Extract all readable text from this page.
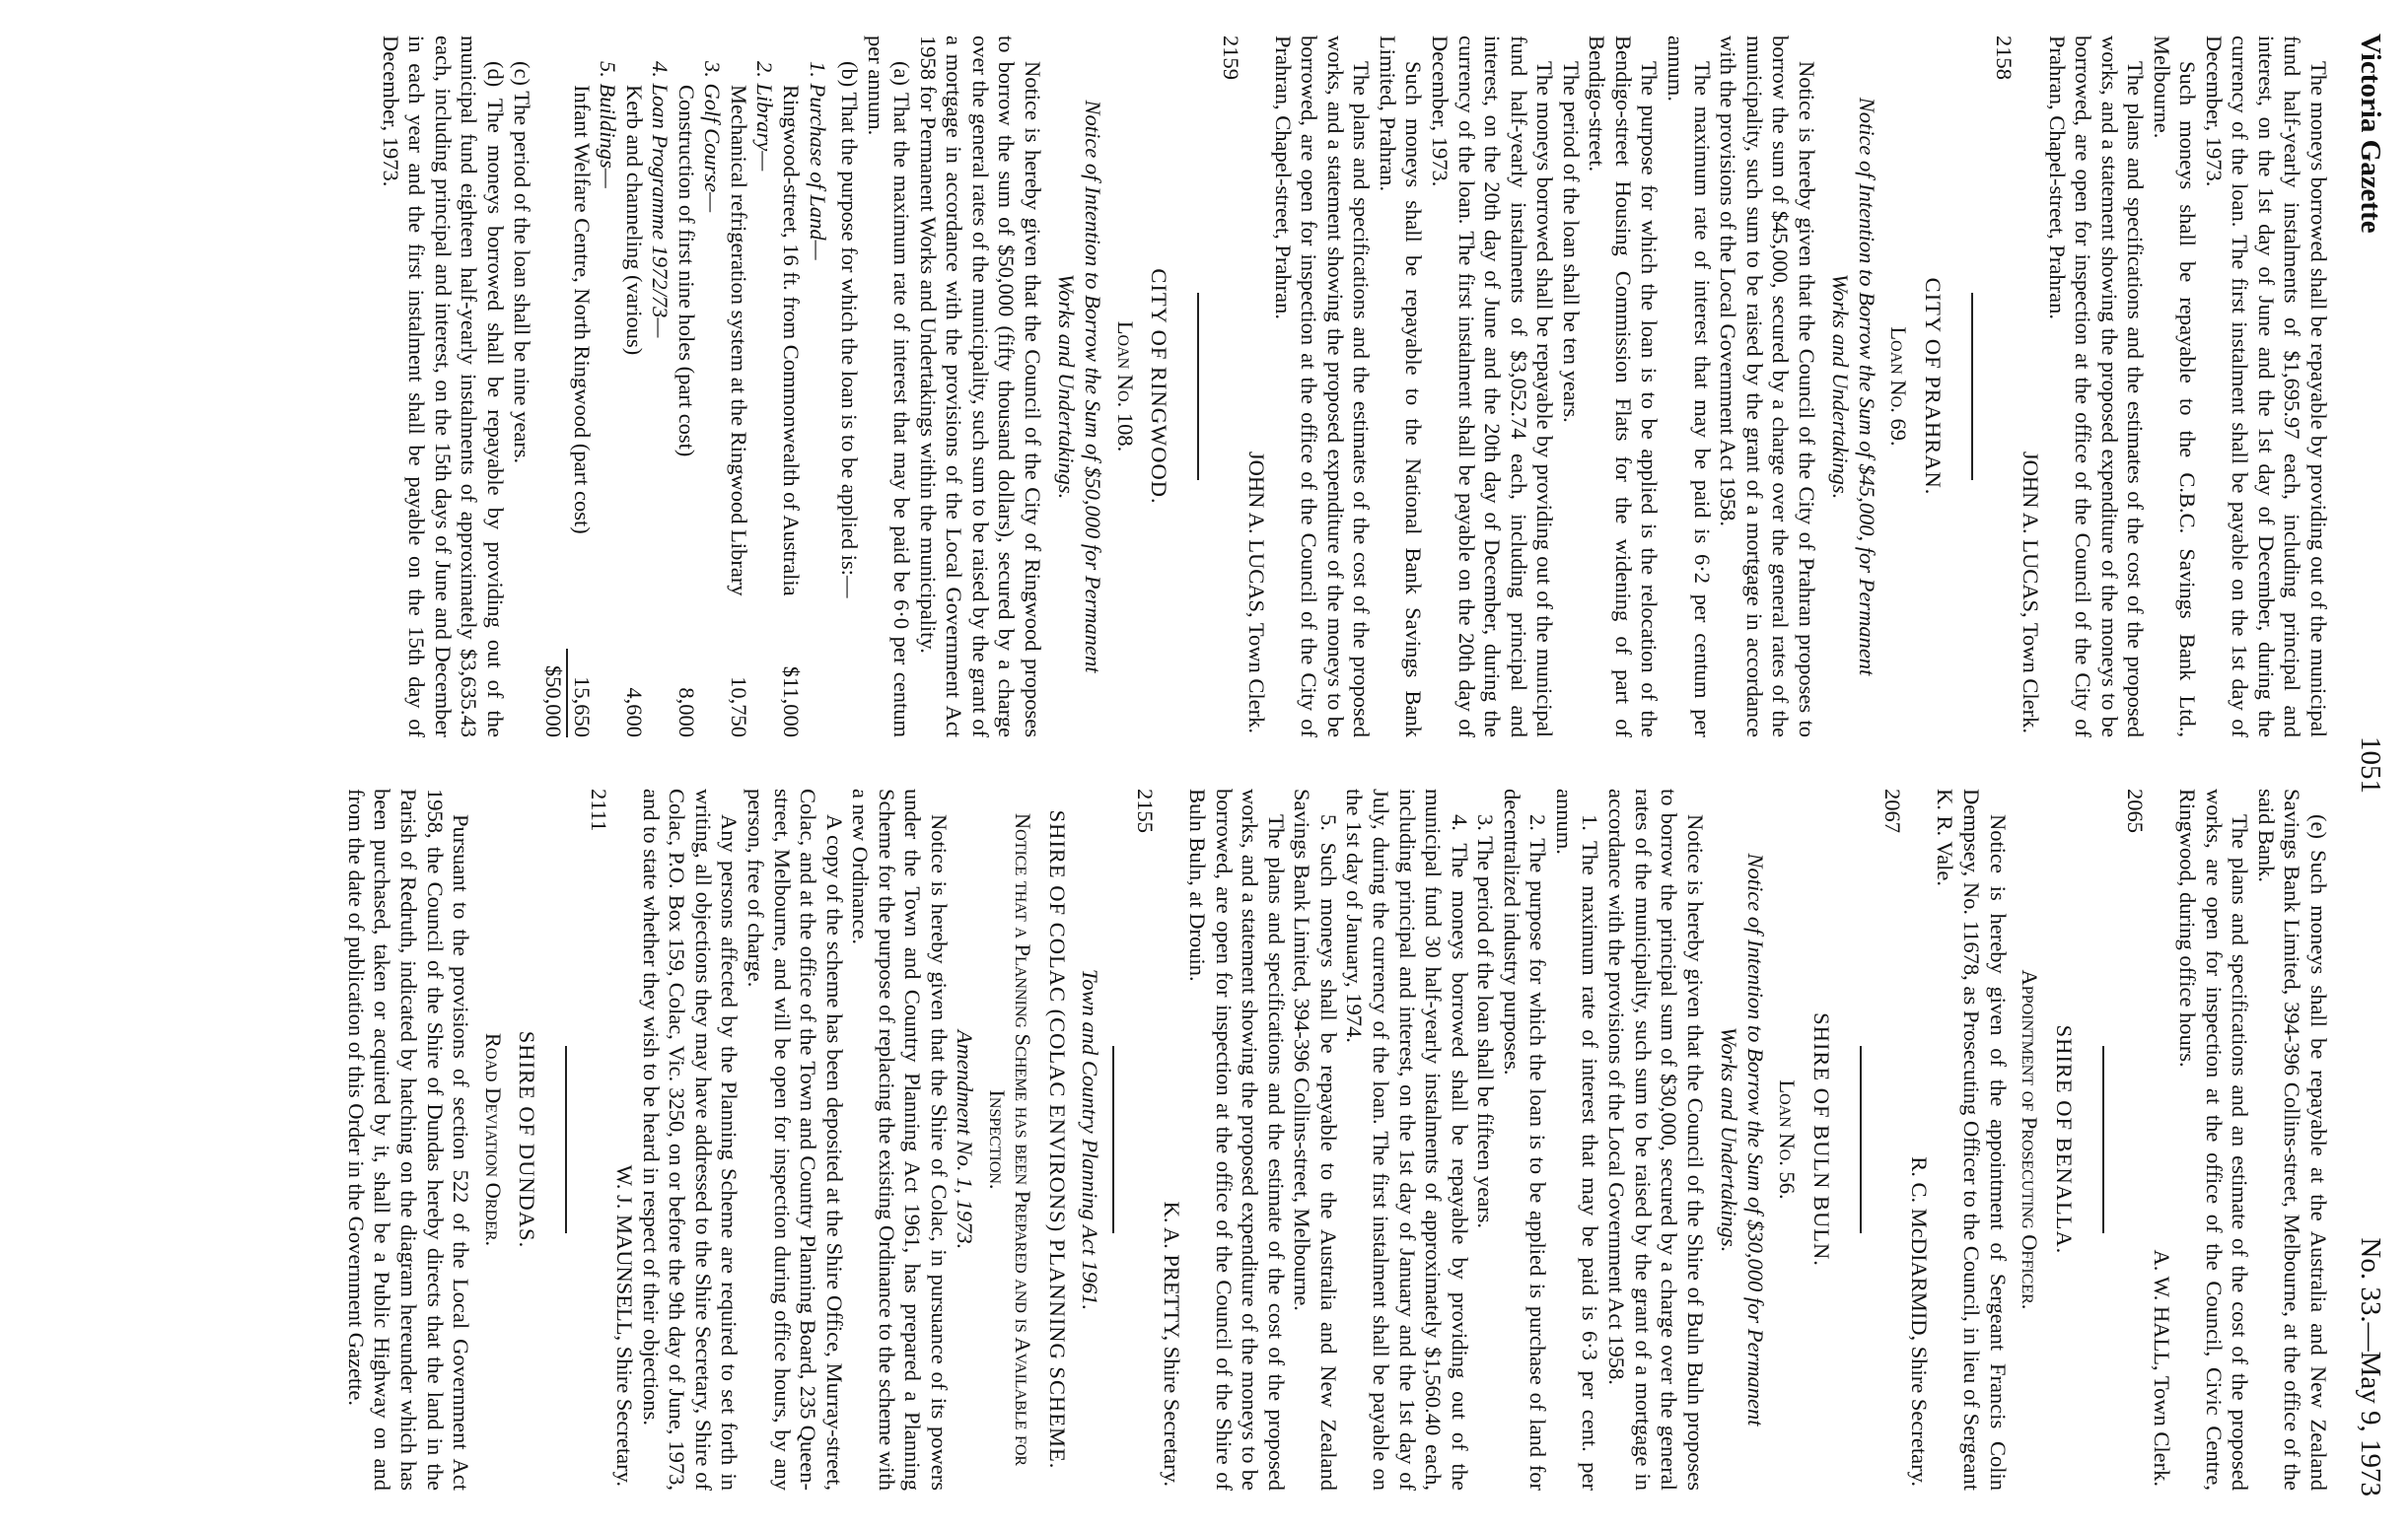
Victoria Gazette
1051
No. 33.—May 9, 1973

The moneys borrowed shall be repayable by providing out of the municipal fund half-yearly instalments of $1,695.97 each, including principal and interest, on the 1st day of June and the 1st day of December, during the currency of the loan. The first instalment shall be payable on the 1st day of December, 1973.

Such moneys shall be repayable to the C.B.C. Savings Bank Ltd., Melbourne.

The plans and specifications and the estimates of the cost of the proposed works, and a statement showing the proposed expenditure of the moneys to be borrowed, are open for inspection at the office of the Council of the City of Prahran, Chapel-street, Prahran.

JOHN A. LUCAS, Town Clerk.

2158

CITY OF PRAHRAN.

Loan No. 69.

Notice of Intention to Borrow the Sum of $45,000, for Permanent Works and Undertakings.

Notice is hereby given that the Council of the City of Prahran proposes to borrow the sum of $45,000, secured by a charge over the general rates of the municipality, such sum to be raised by the grant of a mortgage in accordance with the provisions of the Local Government Act 1958.

The maximum rate of interest that may be paid is 6·2 per centum per annum.

The purpose for which the loan is to be applied is the relocation of the Bendigo-street Housing Commission Flats for the widening of part of Bendigo-street.

The period of the loan shall be ten years.

The moneys borrowed shall be repayable by providing out of the municipal fund half-yearly instalments of $3,052.74 each, including principal and interest, on the 20th day of June and the 20th day of December, during the currency of the loan. The first instalment shall be payable on the 20th day of December, 1973.

Such moneys shall be repayable to the National Bank Savings Bank Limited, Prahran.

The plans and specifications and the estimates of the cost of the proposed works, and a statement showing the proposed expenditure of the moneys to be borrowed, are open for inspection at the office of the Council of the City of Prahran, Chapel-street, Prahran.

JOHN A. LUCAS, Town Clerk.

2159

CITY OF RINGWOOD.

Loan No. 108.

Notice of Intention to Borrow the Sum of $50,000 for Permanent Works and Undertakings.

Notice is hereby given that the Council of the City of Ringwood proposes to borrow the sum of $50,000 (fifty thousand dollars), secured by a charge over the general rates of the municipality, such sum to be raised by the grant of a mortgage in accordance with the provisions of the Local Government Act 1958 for Permanent Works and Undertakings within the municipality.

(a) That the maximum rate of interest that may be paid be 6·0 per centum per annum.

(b) That the purpose for which the loan is to be applied is:—

1. Purchase of Land—
Ringwood-street, 16 ft. from Commonwealth of Australia
$11,000
2. Library—
Mechanical refrigeration system at the Ringwood Library
10,750
3. Golf Course—
Construction of first nine holes (part cost)
8,000
4. Loan Programme 1972/73—
Kerb and channeling (various)
4,600
5. Buildings—
Infant Welfare Centre, North Ringwood (part cost)
15,650
$50,000

(c) The period of the loan shall be nine years.

(d) The moneys borrowed shall be repayable by providing out of the municipal fund eighteen half-yearly instalments of approximately $3,635.43 each, including principal and interest, on the 15th days of June and December in each year and the first instalment shall be payable on the 15th day of December, 1973.

(e) Such moneys shall be repayable at the Australia and New Zealand Savings Bank Limited, 394-396 Collins-street, Melbourne, at the office of the said Bank.

The plans and specifications and an estimate of the cost of the proposed works, are open for inspection at the office of the Council, Civic Centre, Ringwood, during office hours.

A. W. HALL, Town Clerk.

2065

SHIRE OF BENALLA.

Appointment of Prosecuting Officer.

Notice is hereby given of the appointment of Sergeant Francis Colin Dempsey, No. 11678, as Prosecuting Officer to the Council, in lieu of Sergeant K. R. Vale.

R. C. McDIARMID, Shire Secretary.

2067

SHIRE OF BULN BULN.

Loan No. 56.

Notice of Intention to Borrow the Sum of $30,000 for Permanent Works and Undertakings.

Notice is hereby given that the Council of the Shire of Buln Buln proposes to borrow the principal sum of $30,000, secured by a charge over the general rates of the municipality, such sum to be raised by the grant of a mortgage in accordance with the provisions of the Local Government Act 1958.

1. The maximum rate of interest that may be paid is 6·3 per cent. per annum.

2. The purpose for which the loan is to be applied is purchase of land for decentralized industry purposes.

3. The period of the loan shall be fifteen years.

4. The moneys borrowed shall be repayable by providing out of the municipal fund 30 half-yearly instalments of approximately $1,560.40 each, including principal and interest, on the 1st day of January and the 1st day of July, during the currency of the loan. The first instalment shall be payable on the 1st day of January, 1974.

5. Such moneys shall be repayable to the Australia and New Zealand Savings Bank Limited, 394-396 Collins-street, Melbourne.

The plans and specifications and the estimate of the cost of the proposed works, and a statement showing the proposed expenditure of the moneys to be borrowed, are open for inspection at the office of the Council of the Shire of Buln Buln, at Drouin.

K. A. PRETTY, Shire Secretary.

2155

Town and Country Planning Act 1961.

SHIRE OF COLAC (COLAC ENVIRONS) PLANNING SCHEME.

Notice that a Planning Scheme has been Prepared and is Available for Inspection.

Amendment No. 1, 1973.

Notice is hereby given that the Shire of Colac, in pursuance of its powers under the Town and Country Planning Act 1961, has prepared a Planning Scheme for the purpose of replacing the existing Ordinance to the scheme with a new Ordinance.

A copy of the scheme has been deposited at the Shire Office, Murray-street, Colac, and at the office of the Town and Country Planning Board, 235 Queen-street, Melbourne, and will be open for inspection during office hours, by any person, free of charge.

Any persons affected by the Planning Scheme are required to set forth in writing, all objections they may have addressed to the Shire Secretary, Shire of Colac, P.O. Box 159, Colac, Vic. 3250, on or before the 9th day of June, 1973, and to state whether they wish to be heard in respect of their objections.

W. J. MAUNSELL, Shire Secretary.

2111

SHIRE OF DUNDAS.

Road Deviation Order.

Pursuant to the provisions of section 522 of the Local Government Act 1958, the Council of the Shire of Dundas hereby directs that the land in the Parish of Redruth, indicated by hatching on the diagram hereunder which has been purchased, taken or acquired by it, shall be a Public Highway on and from the date of publication of this Order in the Government Gazette.
